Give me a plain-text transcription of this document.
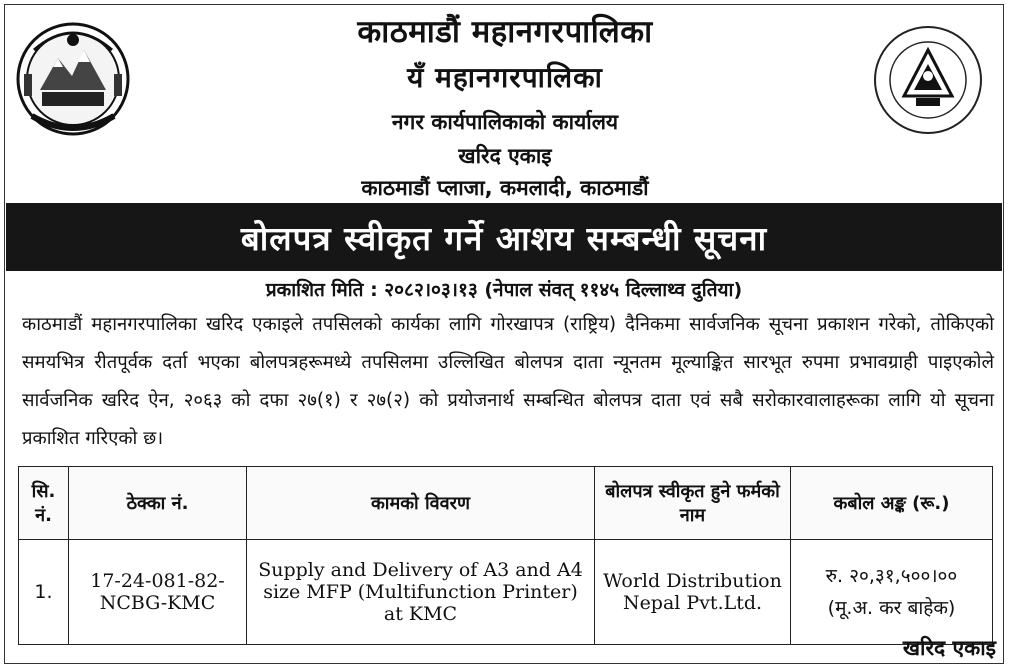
काठमाडौं महानगरपालिका
यँ महानगरपालिका
नगर कार्यपालिकाको कार्यालय
खरिद एकाइ
काठमाडौं प्लाजा, कमलादी, काठमाडौं
बोलपत्र स्वीकृत गर्ने आशय सम्बन्धी सूचना
प्रकाशित मिति : २०८२।०३।१३ (नेपाल संवत् ११४५ दिल्लाथ्व दुतिया)
काठमाडौं महानगरपालिका खरिद एकाइले तपसिलको कार्यका लागि गोरखापत्र (राष्ट्रिय) दैनिकमा सार्वजनिक सूचना प्रकाशन गरेको, तोकिएको समयभित्र रीतपूर्वक दर्ता भएका बोलपत्रहरूमध्ये तपसिलमा उल्लिखित बोलपत्र दाता न्यूनतम मूल्याङ्कित सारभूत रुपमा प्रभावग्राही पाइएकोले सार्वजनिक खरिद ऐन, २०६३ को दफा २७(१) र २७(२) को प्रयोजनार्थ सम्बन्धित बोलपत्र दाता एवं सबै सरोकारवालाहरूका लागि यो सूचना प्रकाशित गरिएको छ।
सि. नं.	ठेक्का नं.	कामको विवरण	बोलपत्र स्वीकृत हुने फर्मको नाम	कबोल अङ्क (रू.)
1.	17-24-081-82-NCBG-KMC	Supply and Delivery of A3 and A4 size MFP (Multifunction Printer) at KMC	World Distribution Nepal Pvt.Ltd.	रु. २०,३१,५००।००
(मू.अ. कर बाहेक)
खरिद एकाइ
